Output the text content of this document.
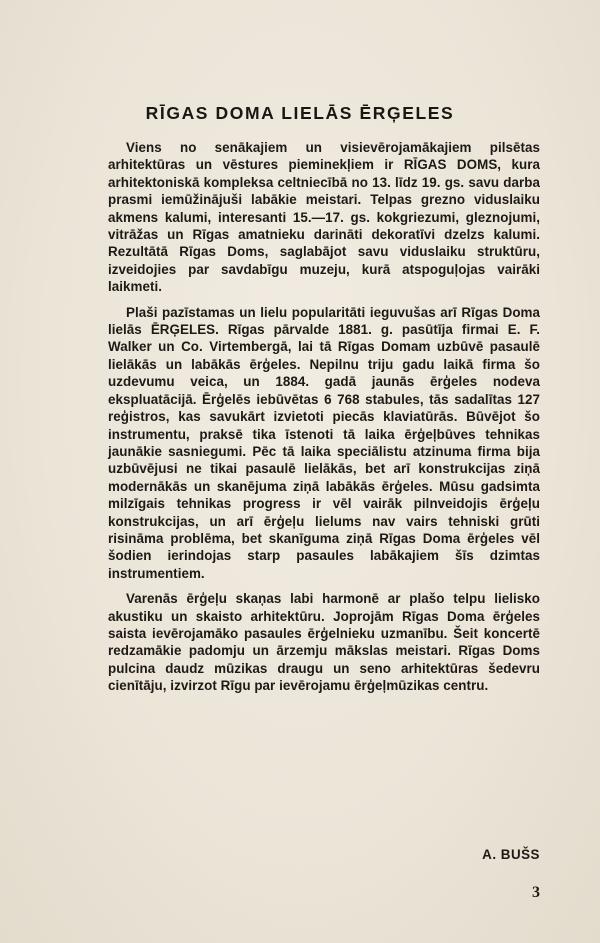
RĪGAS DOMA LIELĀS ĒRĢELES

Viens no senākajiem un visievērojamākajiem pilsētas arhitektūras un vēstures pieminekļiem ir RĪGAS DOMS, kura arhitektoniskā kompleksa celtniecībā no 13. līdz 19. gs. savu darba prasmi iemūžinājuši labākie meistari. Telpas grezno viduslaiku akmens kalumi, interesanti 15.—17. gs. kokgriezumi, gleznojumi, vitrāžas un Rīgas amatnieku darināti dekoratīvi dzelzs kalumi. Rezultātā Rīgas Doms, saglabājot savu viduslaiku struktūru, izveidojies par savdabīgu muzeju, kurā atspoguļojas vairāki laikmeti.

Plaši pazīstamas un lielu popularitāti ieguvušas arī Rīgas Doma lielās ĒRĢELES. Rīgas pārvalde 1881. g. pasūtīja firmai E. F. Walker un Co. Virtembergā, lai tā Rīgas Domam uzbūvē pasaulē lielākās un labākās ērģeles. Nepilnu triju gadu laikā firma šo uzdevumu veica, un 1884. gadā jaunās ērģeles nodeva ekspluatācijā. Ērģelēs iebūvētas 6 768 stabules, tās sadalītas 127 reģistros, kas savukārt izvietoti piecās klaviatūrās. Būvējot šo instrumentu, praksē tika īstenoti tā laika ērģeļbūves tehnikas jaunākie sasniegumi. Pēc tā laika speciālistu atzinuma firma bija uzbūvējusi ne tikai pasaulē lielākās, bet arī konstrukcijas ziņā modernākās un skanējuma ziņā labākās ērģeles. Mūsu gadsimta milzīgais tehnikas progress ir vēl vairāk pilnveidojis ērģeļu konstrukcijas, un arī ērģeļu lielums nav vairs tehniski grūti risināma problēma, bet skanīguma ziņā Rīgas Doma ērģeles vēl šodien ierindojas starp pasaules labākajiem šīs dzimtas instrumentiem.

Varenās ērģeļu skaņas labi harmonē ar plašo telpu lielisko akustiku un skaisto arhitektūru. Joprojām Rīgas Doma ērģeles saista ievērojamāko pasaules ērģelnieku uzmanību. Šeit koncertē redzamākie padomju un ārzemju mākslas meistari. Rīgas Doms pulcina daudz mūzikas draugu un seno arhitektūras šedevru cienītāju, izvirzot Rīgu par ievērojamu ērģeļmūzikas centru.

A. BUŠS
3
